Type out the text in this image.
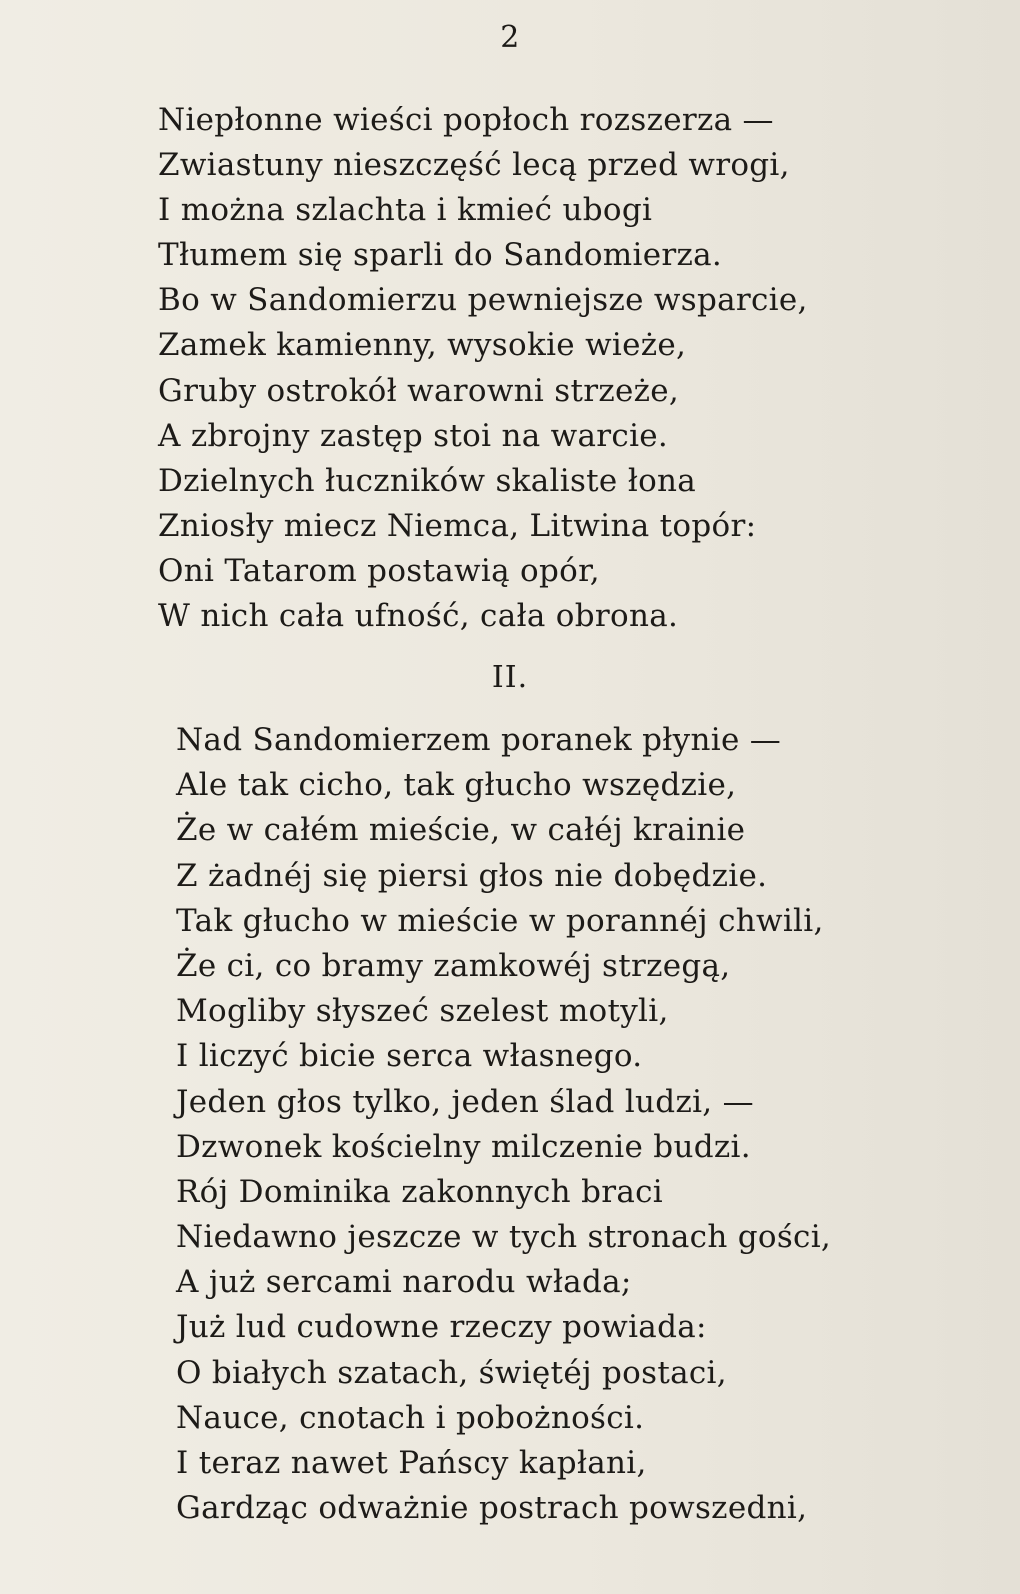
2
Niepłonne wieści popłoch rozszerza —
Zwiastuny nieszczęść lecą przed wrogi,
I można szlachta i kmieć ubogi
Tłumem się sparli do Sandomierza.
Bo w Sandomierzu pewniejsze wsparcie,
Zamek kamienny, wysokie wieże,
Gruby ostrokół warowni strzeże,
A zbrojny zastęp stoi na warcie.
Dzielnych łuczników skaliste łona
Zniosły miecz Niemca, Litwina topór:
Oni Tatarom postawią opór,
W nich cała ufność, cała obrona.
II.
Nad Sandomierzem poranek płynie —
Ale tak cicho, tak głucho wszędzie,
Że w całém mieście, w całéj krainie
Z żadnéj się piersi głos nie dobędzie.
Tak głucho w mieście w porannéj chwili,
Że ci, co bramy zamkowéj strzegą,
Mogliby słyszeć szelest motyli,
I liczyć bicie serca własnego.
Jeden głos tylko, jeden ślad ludzi, —
Dzwonek kościelny milczenie budzi.
Rój Dominika zakonnych braci
Niedawno jeszcze w tych stronach gości,
A już sercami narodu włada;
Już lud cudowne rzeczy powiada:
O białych szatach, świętéj postaci,
Nauce, cnotach i pobożności.
I teraz nawet Pańscy kapłani,
Gardząc odważnie postrach powszedni,
